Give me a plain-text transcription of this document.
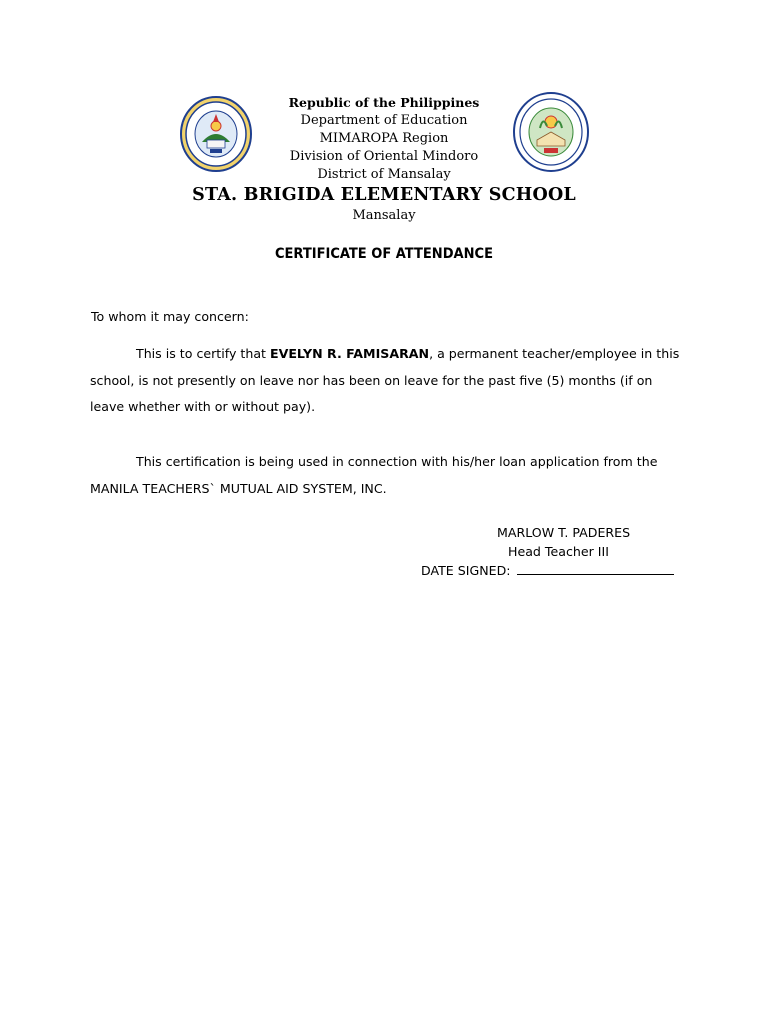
Republic of the Philippines
Department of Education
MIMAROPA Region
Division of Oriental Mindoro
District of Mansalay
STA. BRIGIDA ELEMENTARY SCHOOL
Mansalay
CERTIFICATE OF ATTENDANCE
To whom it may concern:
This is to certify that EVELYN R. FAMISARAN, a permanent teacher/employee in this school, is not presently on leave nor has been on leave for the past five (5) months (if on leave whether with or without pay).
This certification is being used in connection with his/her loan application from the MANILA TEACHERS` MUTUAL AID SYSTEM, INC.
MARLOW T. PADERES
Head Teacher III
DATE SIGNED:
